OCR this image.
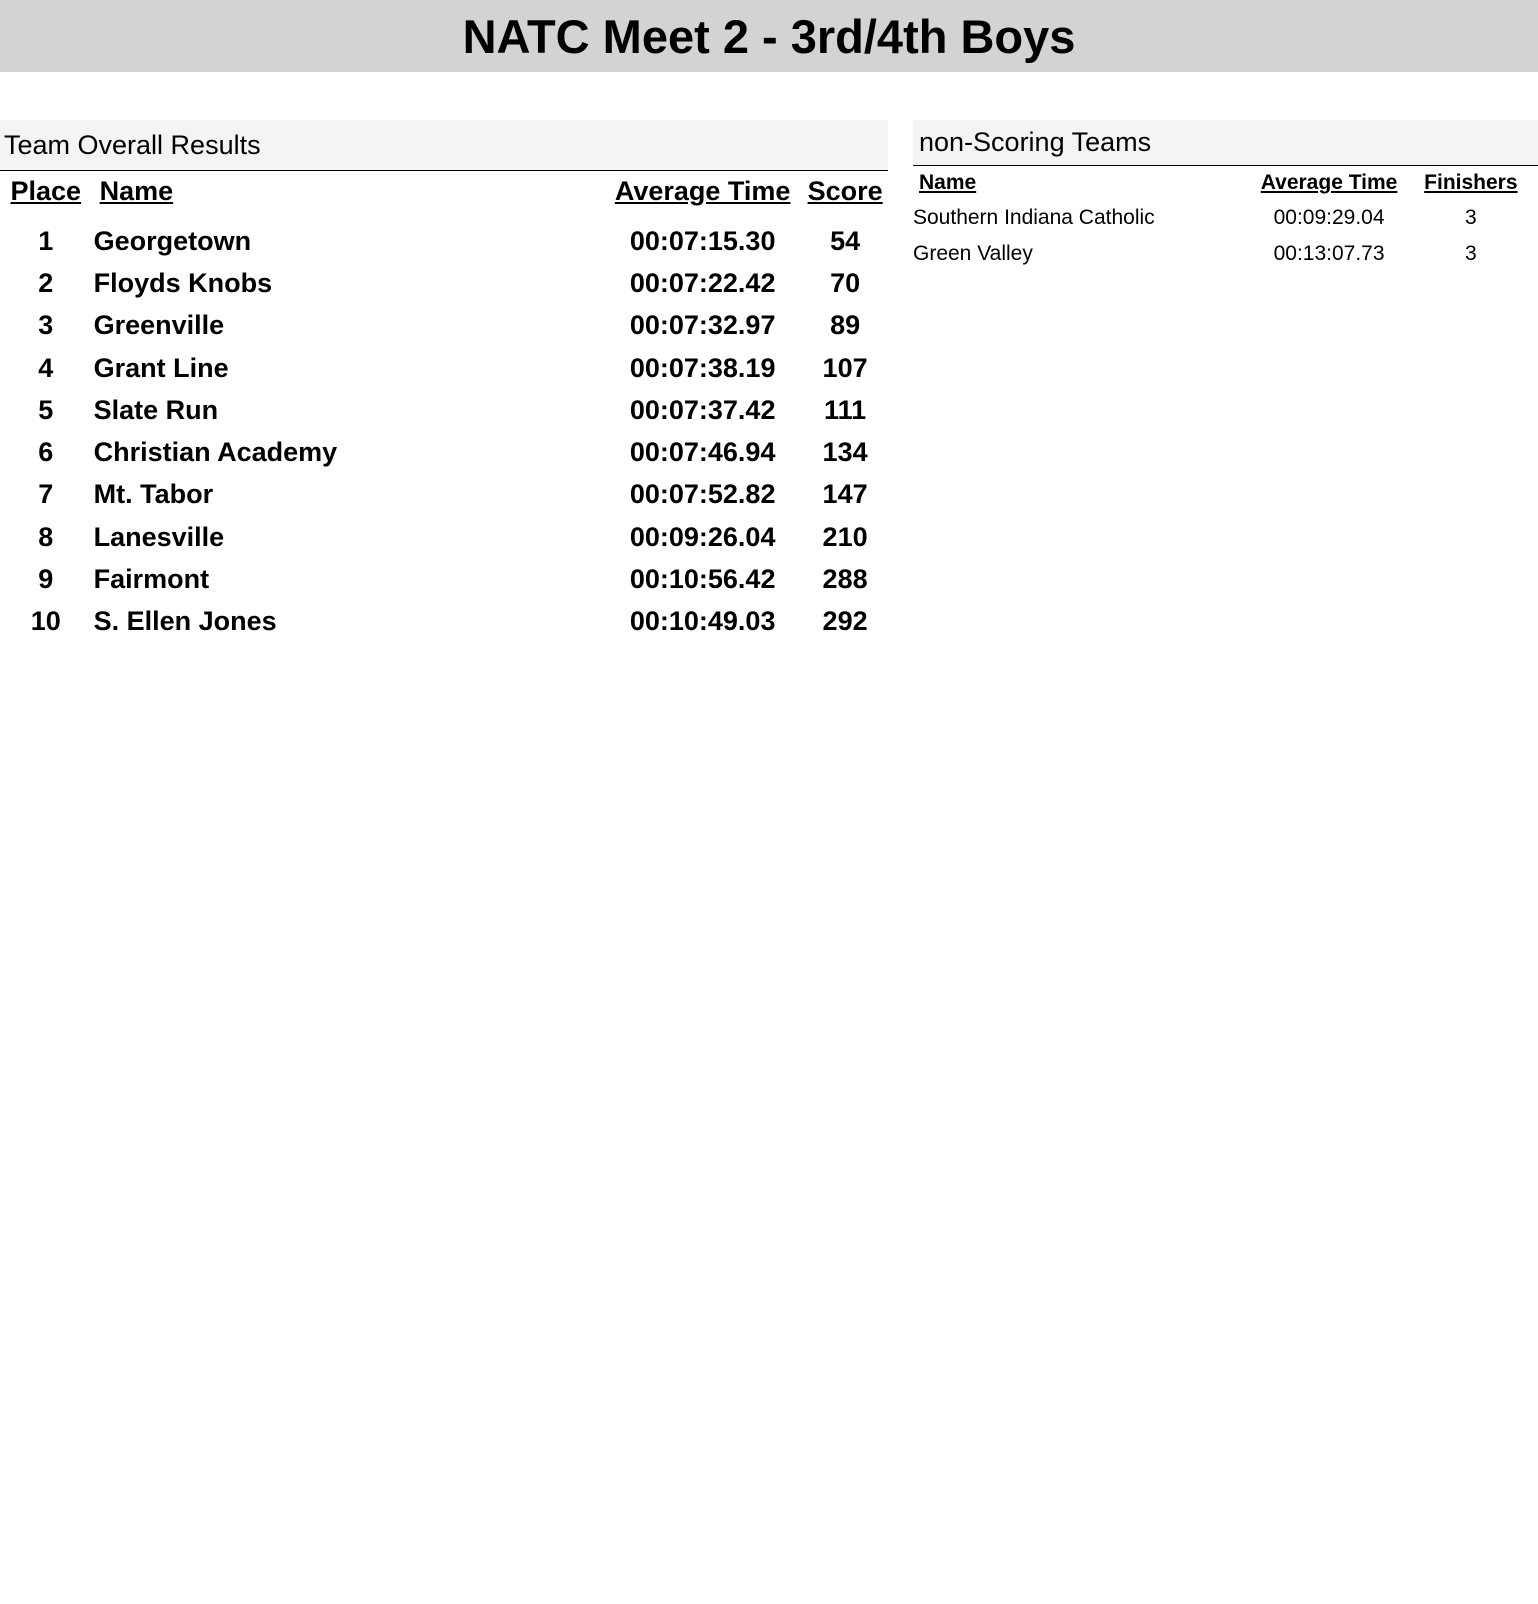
NATC Meet 2 - 3rd/4th Boys
Team Overall Results
Place	Name	Average Time	Score
1	Georgetown	00:07:15.30	54
2	Floyds Knobs	00:07:22.42	70
3	Greenville	00:07:32.97	89
4	Grant Line	00:07:38.19	107
5	Slate Run	00:07:37.42	111
6	Christian Academy	00:07:46.94	134
7	Mt. Tabor	00:07:52.82	147
8	Lanesville	00:09:26.04	210
9	Fairmont	00:10:56.42	288
10	S. Ellen Jones	00:10:49.03	292
non-Scoring Teams
Name	Average Time	Finishers
Southern Indiana Catholic	00:09:29.04	3
Green Valley	00:13:07.73	3
